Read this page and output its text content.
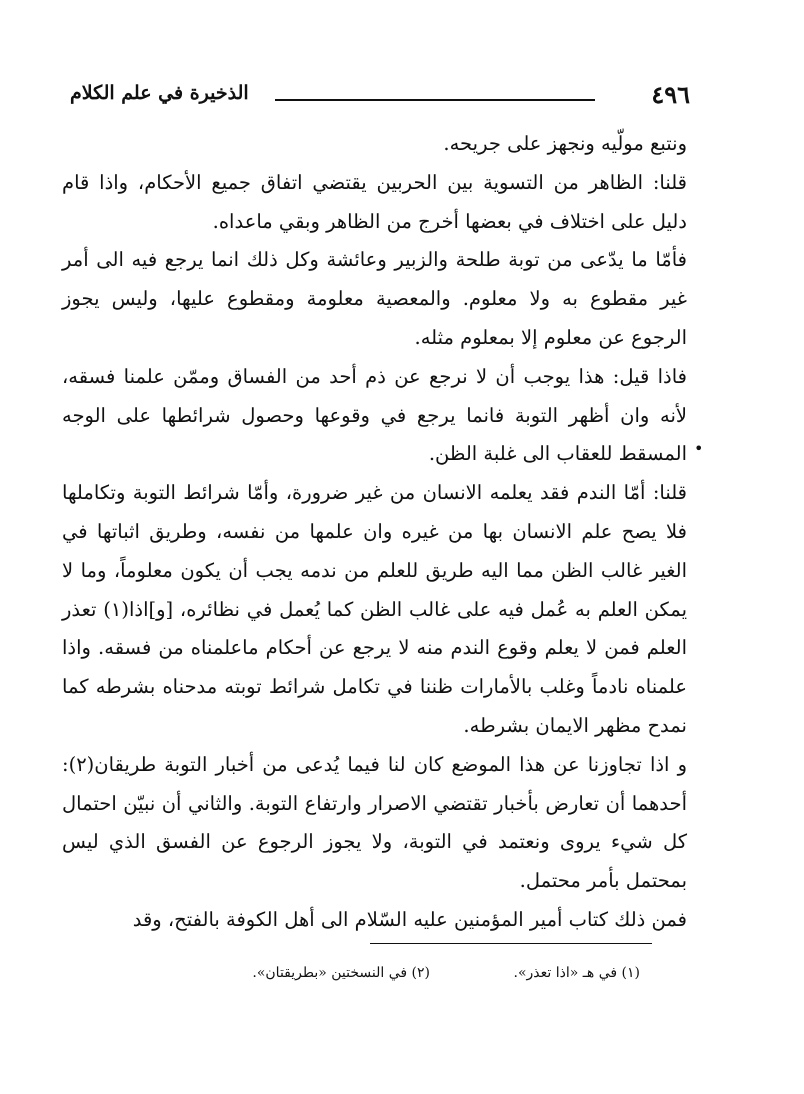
٤٩٦
الذخيرة في علم الكلام

ونتبع مولّيه ونجهز على جريحه.

قلنا: الظاهر من التسوية بين الحربين يقتضي اتفاق جميع الأحكام، واذا قام دليل على اختلاف في بعضها أخرج من الظاهر وبقي ماعداه.

فأمّا ما يدّعى من توبة طلحة والزبير وعائشة وكل ذلك انما يرجع فيه الى أمر غير مقطوع به ولا معلوم. والمعصية معلومة ومقطوع عليها، وليس يجوز الرجوع عن معلوم إلا بمعلوم مثله.

فاذا قيل: هذا يوجب أن لا نرجع عن ذم أحد من الفساق وممّن علمنا فسقه، لأنه وان أظهر التوبة فانما يرجع في وقوعها وحصول شرائطها على الوجه المسقط للعقاب الى غلبة الظن.

قلنا: أمّا الندم فقد يعلمه الانسان من غير ضرورة، وأمّا شرائط التوبة وتكاملها فلا يصح علم الانسان بها من غيره وان علمها من نفسه، وطريق اثباتها في الغير غالب الظن مما اليه طريق للعلم من ندمه يجب أن يكون معلوماً، وما لا يمكن العلم به عُمل فيه على غالب الظن كما يُعمل في نظائره، [و]اذا(١) تعذر العلم فمن لا يعلم وقوع الندم منه لا يرجع عن أحكام ماعلمناه من فسقه. واذا علمناه نادماً وغلب بالأمارات ظننا في تكامل شرائط توبته مدحناه بشرطه كما نمدح مظهر الايمان بشرطه.

و اذا تجاوزنا عن هذا الموضع كان لنا فيما يُدعى من أخبار التوبة طريقان(٢): أحدهما أن تعارض بأخبار تقتضي الاصرار وارتفاع التوبة. والثاني أن نبيّن احتمال كل شيء يروى ونعتمد في التوبة، ولا يجوز الرجوع عن الفسق الذي ليس بمحتمل بأمر محتمل.

فمن ذلك كتاب أمير المؤمنين عليه السّلام الى أهل الكوفة بالفتح، وقد

•
(١) في هـ «اذا تعذر».
(٢) في النسختين «بطريقتان».
